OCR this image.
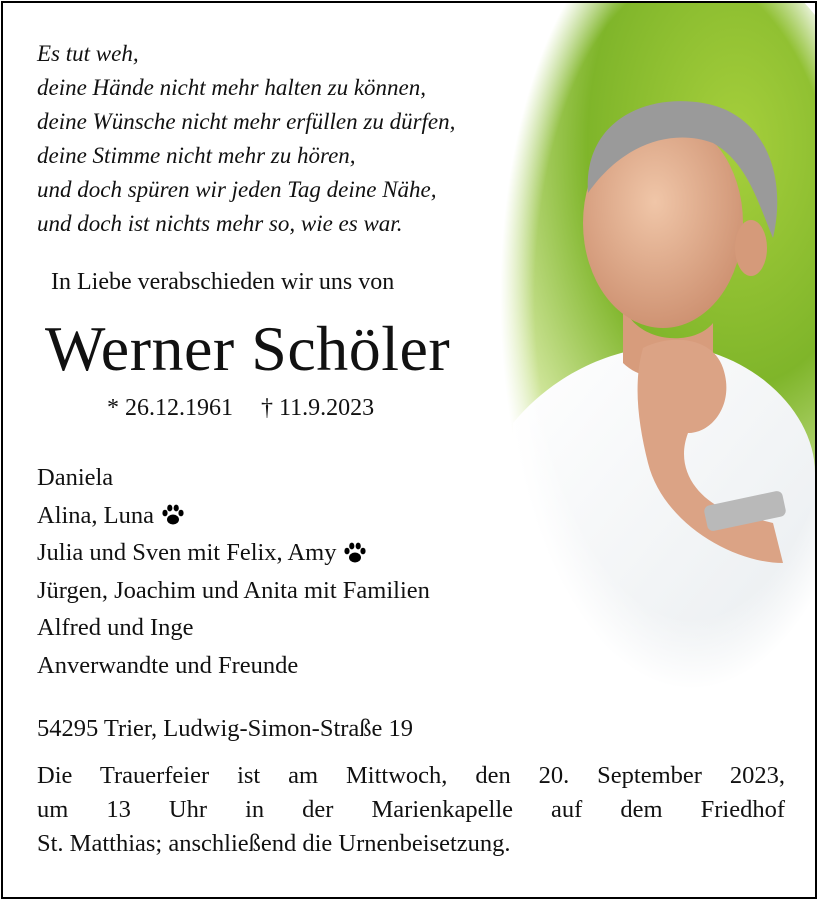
Es tut weh,
deine Hände nicht mehr halten zu können,
deine Wünsche nicht mehr erfüllen zu dürfen,
deine Stimme nicht mehr zu hören,
und doch spüren wir jeden Tag deine Nähe,
und doch ist nichts mehr so, wie es war.
In Liebe verabschieden wir uns von
Werner Schöler
* 26.12.1961 † 11.9.2023
Daniela
Alina, Luna
Julia und Sven mit Felix, Amy
Jürgen, Joachim und Anita mit Familien
Alfred und Inge
Anverwandte und Freunde
54295 Trier, Ludwig-Simon-Straße 19
Die Trauerfeier ist am Mittwoch, den 20. September 2023,
um 13 Uhr in der Marienkapelle auf dem Friedhof
St. Matthias; anschließend die Urnenbeisetzung.
